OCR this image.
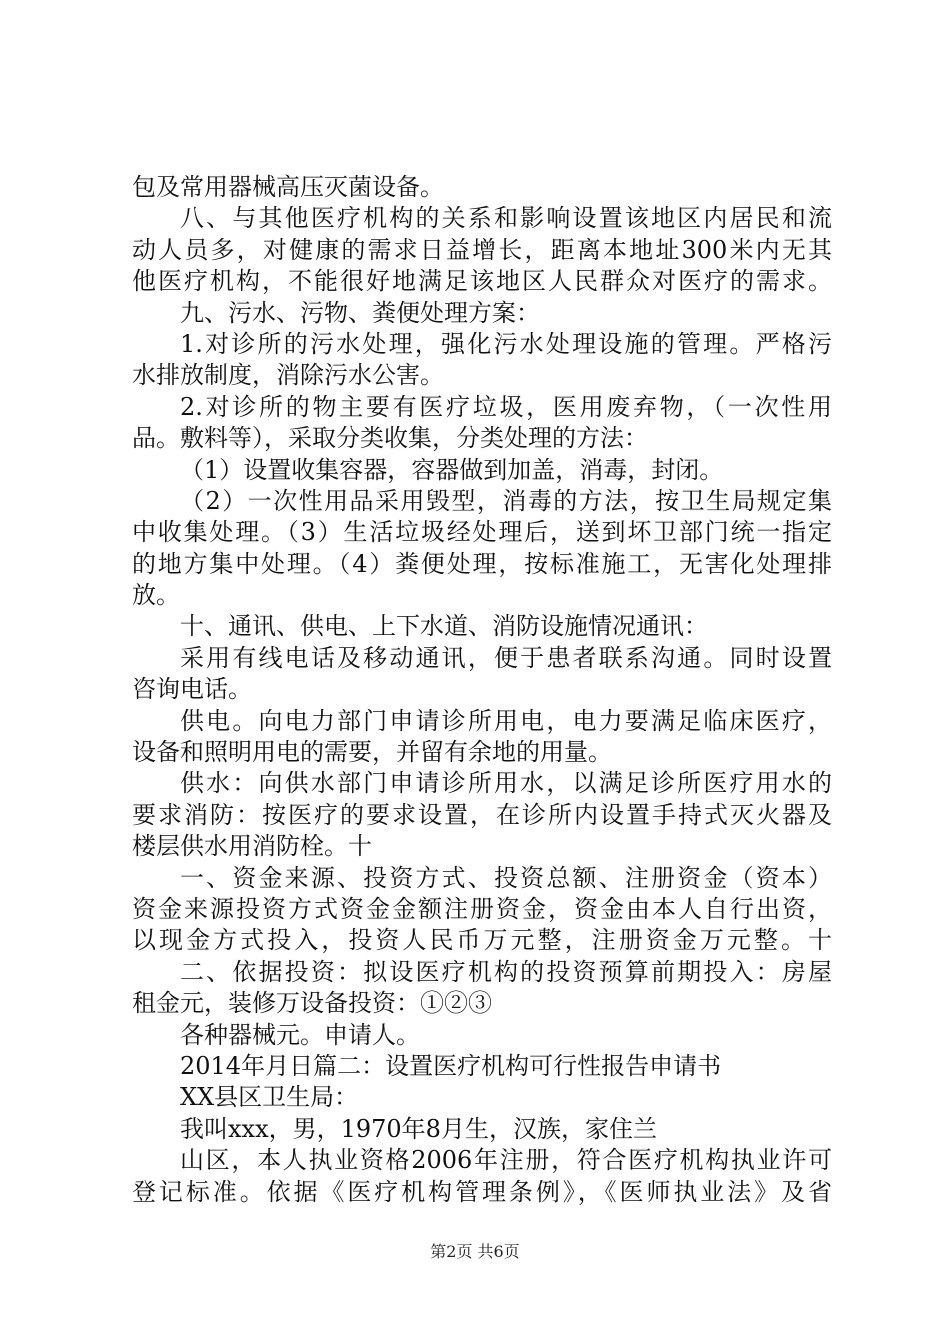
包及常用器械高压灭菌设备。
八、与其他医疗机构的关系和影响设置该地区内居民和流
动人员多，对健康的需求日益增长，距离本地址300米内无其
他医疗机构，不能很好地满足该地区人民群众对医疗的需求。
九、污水、污物、粪便处理方案：
1.对诊所的污水处理，强化污水处理设施的管理。严格污
水排放制度，消除污水公害。
2.对诊所的物主要有医疗垃圾，医用废弃物，（一次性用
品。敷料等），采取分类收集，分类处理的方法：
（1）设置收集容器，容器做到加盖，消毒，封闭。
（2）一次性用品采用毁型，消毒的方法，按卫生局规定集
中收集处理。（3）生活垃圾经处理后，送到坏卫部门统一指定
的地方集中处理。（4）粪便处理，按标准施工，无害化处理排
放。
十、通讯、供电、上下水道、消防设施情况通讯：
采用有线电话及移动通讯，便于患者联系沟通。同时设置
咨询电话。
供电。向电力部门申请诊所用电，电力要满足临床医疗，
设备和照明用电的需要，并留有余地的用量。
供水：向供水部门申请诊所用水，以满足诊所医疗用水的
要求消防：按医疗的要求设置，在诊所内设置手持式灭火器及
楼层供水用消防栓。十
一、资金来源、投资方式、投资总额、注册资金（资本）
资金来源投资方式资金金额注册资金，资金由本人自行出资，
以现金方式投入，投资人民币万元整，注册资金万元整。十
二、依据投资：拟设医疗机构的投资预算前期投入：房屋
租金元，装修万设备投资：①②③
各种器械元。申请人。
2014年月日篇二：设置医疗机构可行性报告申请书
XX县区卫生局：
我叫xxx，男，1970年8月生，汉族，家住兰
山区，本人执业资格2006年注册，符合医疗机构执业许可
登记标准。依据《医疗机构管理条例》，《医师执业法》及省
第2页 共6页
